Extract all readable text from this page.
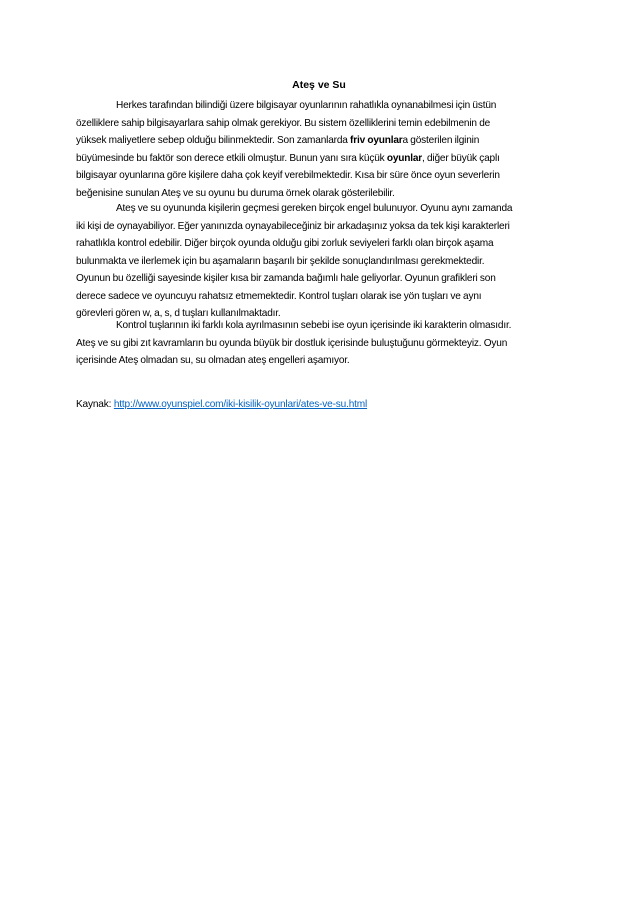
Ateş ve Su

Herkes tarafından bilindiği üzere bilgisayar oyunlarının rahatlıkla oynanabilmesi için üstün
özelliklere sahip bilgisayarlara sahip olmak gerekiyor. Bu sistem özelliklerini temin edebilmenin de
yüksek maliyetlere sebep olduğu bilinmektedir. Son zamanlarda friv oyunlara gösterilen ilginin
büyümesinde bu faktör son derece etkili olmuştur. Bunun yanı sıra küçük oyunlar, diğer büyük çaplı
bilgisayar oyunlarına göre kişilere daha çok keyif verebilmektedir. Kısa bir süre önce oyun severlerin
beğenisine sunulan Ateş ve su oyunu bu duruma örnek olarak gösterilebilir.

Ateş ve su oyununda kişilerin geçmesi gereken birçok engel bulunuyor. Oyunu aynı zamanda
iki kişi de oynayabiliyor. Eğer yanınızda oynayabileceğiniz bir arkadaşınız yoksa da tek kişi karakterleri
rahatlıkla kontrol edebilir. Diğer birçok oyunda olduğu gibi zorluk seviyeleri farklı olan birçok aşama
bulunmakta ve ilerlemek için bu aşamaların başarılı bir şekilde sonuçlandırılması gerekmektedir.
Oyunun bu özelliği sayesinde kişiler kısa bir zamanda bağımlı hale geliyorlar. Oyunun grafikleri son
derece sadece ve oyuncuyu rahatsız etmemektedir. Kontrol tuşları olarak ise yön tuşları ve aynı
görevleri gören w, a, s, d tuşları kullanılmaktadır.

Kontrol tuşlarının iki farklı kola ayrılmasının sebebi ise oyun içerisinde iki karakterin olmasıdır.
Ateş ve su gibi zıt kavramların bu oyunda büyük bir dostluk içerisinde buluştuğunu görmekteyiz. Oyun
içerisinde Ateş olmadan su, su olmadan ateş engelleri aşamıyor.

Kaynak: http://www.oyunspiel.com/iki-kisilik-oyunlari/ates-ve-su.html
